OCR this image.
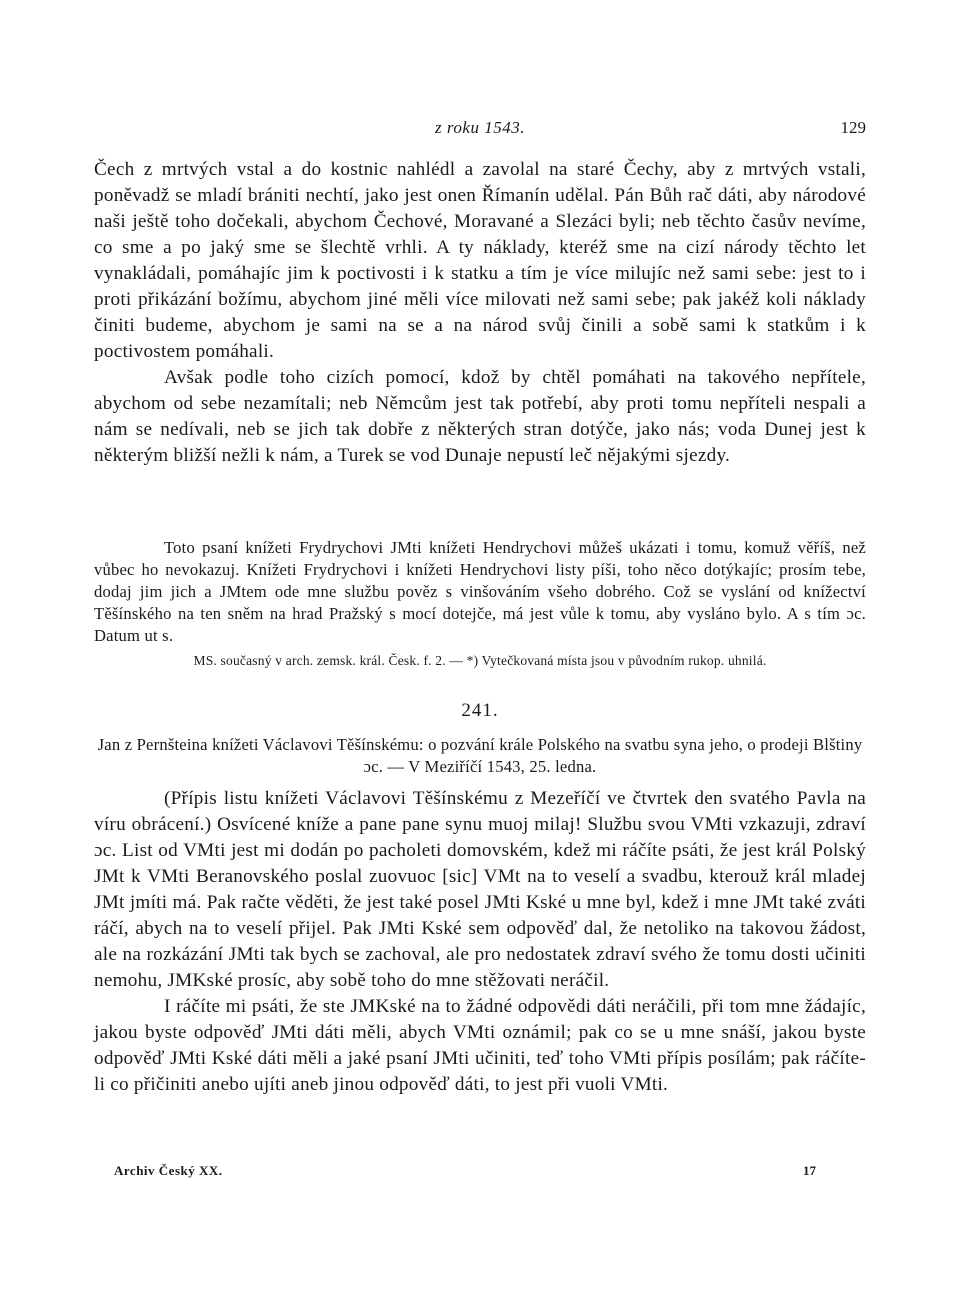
z roku 1543.	129

Čech z mrtvých vstal a do kostnic nahlédl a zavolal na staré Čechy, aby z mrtvých vstali, poněvadž se mladí brániti nechtí, jako jest onen Římanín udělal. Pán Bůh rač dáti, aby národové naši ještě toho dočekali, abychom Čechové, Moravané a Slezáci byli; neb těchto časův nevíme, co sme a po jaký sme se šlechtě vrhli. A ty náklady, kteréž sme na cizí národy těchto let vynakládali, pomáhajíc jim k poctivosti i k statku a tím je více milujíc než sami sebe: jest to i proti přikázání božímu, abychom jiné měli více milovati než sami sebe; pak jakéž koli náklady činiti budeme, abychom je sami na se a na národ svůj činili a sobě sami k statkům i k poctivostem pomáhali.

Avšak podle toho cizích pomocí, kdož by chtěl pomáhati na takového nepřítele, abychom od sebe nezamítali; neb Němcům jest tak potřebí, aby proti tomu nepříteli nespali a nám se nedívali, neb se jich tak dobře z některých stran dotýče, jako nás; voda Dunej jest k některým bližší nežli k nám, a Turek se vod Dunaje nepustí leč nějakými sjezdy.

Toto psaní knížeti Frydrychovi JMti knížeti Hendrychovi můžeš ukázati i tomu, komuž věříš, než vůbec ho nevokazuj. Knížeti Frydrychovi i knížeti Hendrychovi listy píši, toho něco dotýkajíc; prosím tebe, dodaj jim jich a JMtem ode mne službu pověz s vinšováním všeho dobrého. Což se vyslání od knížectví Těšínského na ten sněm na hrad Pražský s mocí dotejče, má jest vůle k tomu, aby vysláno bylo. A s tím ɔc. Datum ut s.

MS. současný v arch. zemsk. král. Česk. f. 2. — *) Vytečkovaná místa jsou v původním rukop. uhnilá.
241.
Jan z Pernšteina knížeti Václavovi Těšínskému: o pozvání krále Polského na svatbu syna jeho, o prodeji Blštiny ɔc. — V Meziříčí 1543, 25. ledna.

(Přípis listu knížeti Václavovi Těšínskému z Mezeříčí ve čtvrtek den svatého Pavla na víru obrácení.) Osvícené kníže a pane pane synu muoj milaj! Službu svou VMti vzkazuji, zdraví ɔc. List od VMti jest mi dodán po pacholeti domovském, kdež mi ráčíte psáti, že jest král Polský JMt k VMti Beranovského poslal zuovuoc [sic] VMt na to veselí a svadbu, kterouž král mladej JMt jmíti má. Pak račte věděti, že jest také posel JMti Kské u mne byl, kdež i mne JMt také zváti ráčí, abych na to veselí přijel. Pak JMti Kské sem odpověď dal, že netoliko na takovou žádost, ale na rozkázání JMti tak bych se zachoval, ale pro nedostatek zdraví svého že tomu dosti učiniti nemohu, JMKské prosíc, aby sobě toho do mne stěžovati neráčil.

I ráčíte mi psáti, že ste JMKské na to žádné odpovědi dáti neráčili, při tom mne žádajíc, jakou byste odpověď JMti dáti měli, abych VMti oznámil; pak co se u mne snáší, jakou byste odpověď JMti Kské dáti měli a jaké psaní JMti učiniti, teď toho VMti přípis posílám; pak ráčíte-li co přičiniti anebo ujíti aneb jinou odpověď dáti, to jest při vuoli VMti.

Archiv Český XX.	17
